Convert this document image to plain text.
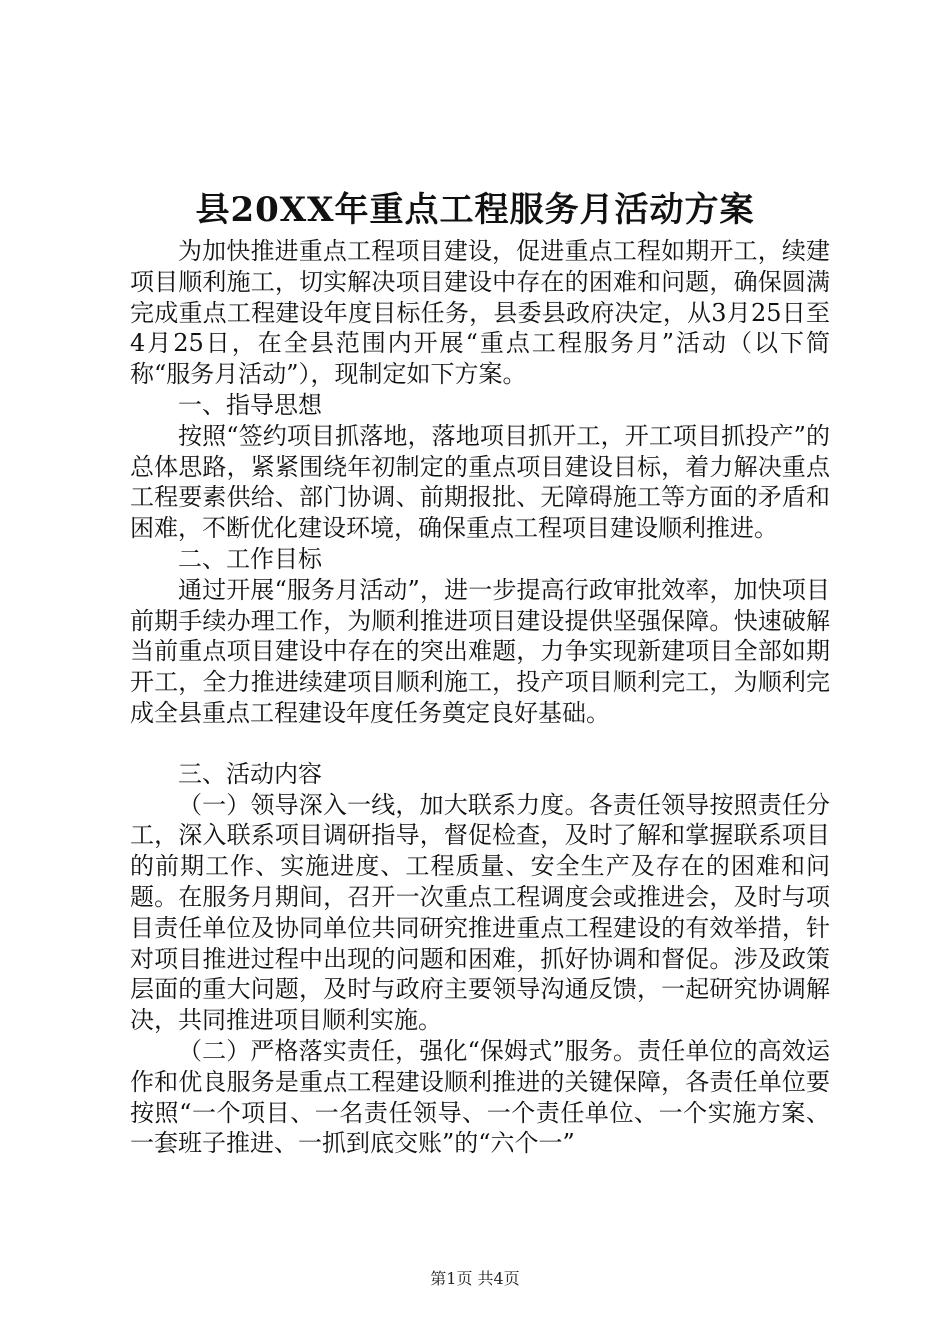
县20XX年重点工程服务月活动方案

为加快推进重点工程项目建设，促进重点工程如期开工，续建项目顺利施工，切实解决项目建设中存在的困难和问题，确保圆满完成重点工程建设年度目标任务，县委县政府决定，从3月25日至4月25日，在全县范围内开展“重点工程服务月”活动（以下简称“服务月活动”），现制定如下方案。

一、指导思想

按照“签约项目抓落地，落地项目抓开工，开工项目抓投产”的总体思路，紧紧围绕年初制定的重点项目建设目标，着力解决重点工程要素供给、部门协调、前期报批、无障碍施工等方面的矛盾和困难，不断优化建设环境，确保重点工程项目建设顺利推进。

二、工作目标

通过开展“服务月活动”，进一步提高行政审批效率，加快项目前期手续办理工作，为顺利推进项目建设提供坚强保障。快速破解当前重点项目建设中存在的突出难题，力争实现新建项目全部如期开工，全力推进续建项目顺利施工，投产项目顺利完工，为顺利完成全县重点工程建设年度任务奠定良好基础。

三、活动内容

（一）领导深入一线，加大联系力度。各责任领导按照责任分工，深入联系项目调研指导，督促检查，及时了解和掌握联系项目的前期工作、实施进度、工程质量、安全生产及存在的困难和问题。在服务月期间，召开一次重点工程调度会或推进会，及时与项目责任单位及协同单位共同研究推进重点工程建设的有效举措，针对项目推进过程中出现的问题和困难，抓好协调和督促。涉及政策层面的重大问题，及时与政府主要领导沟通反馈，一起研究协调解决，共同推进项目顺利实施。

（二）严格落实责任，强化“保姆式”服务。责任单位的高效运作和优良服务是重点工程建设顺利推进的关键保障，各责任单位要按照“一个项目、一名责任领导、一个责任单位、一个实施方案、一套班子推进、一抓到底交账”的“六个一”

第1页 共4页
